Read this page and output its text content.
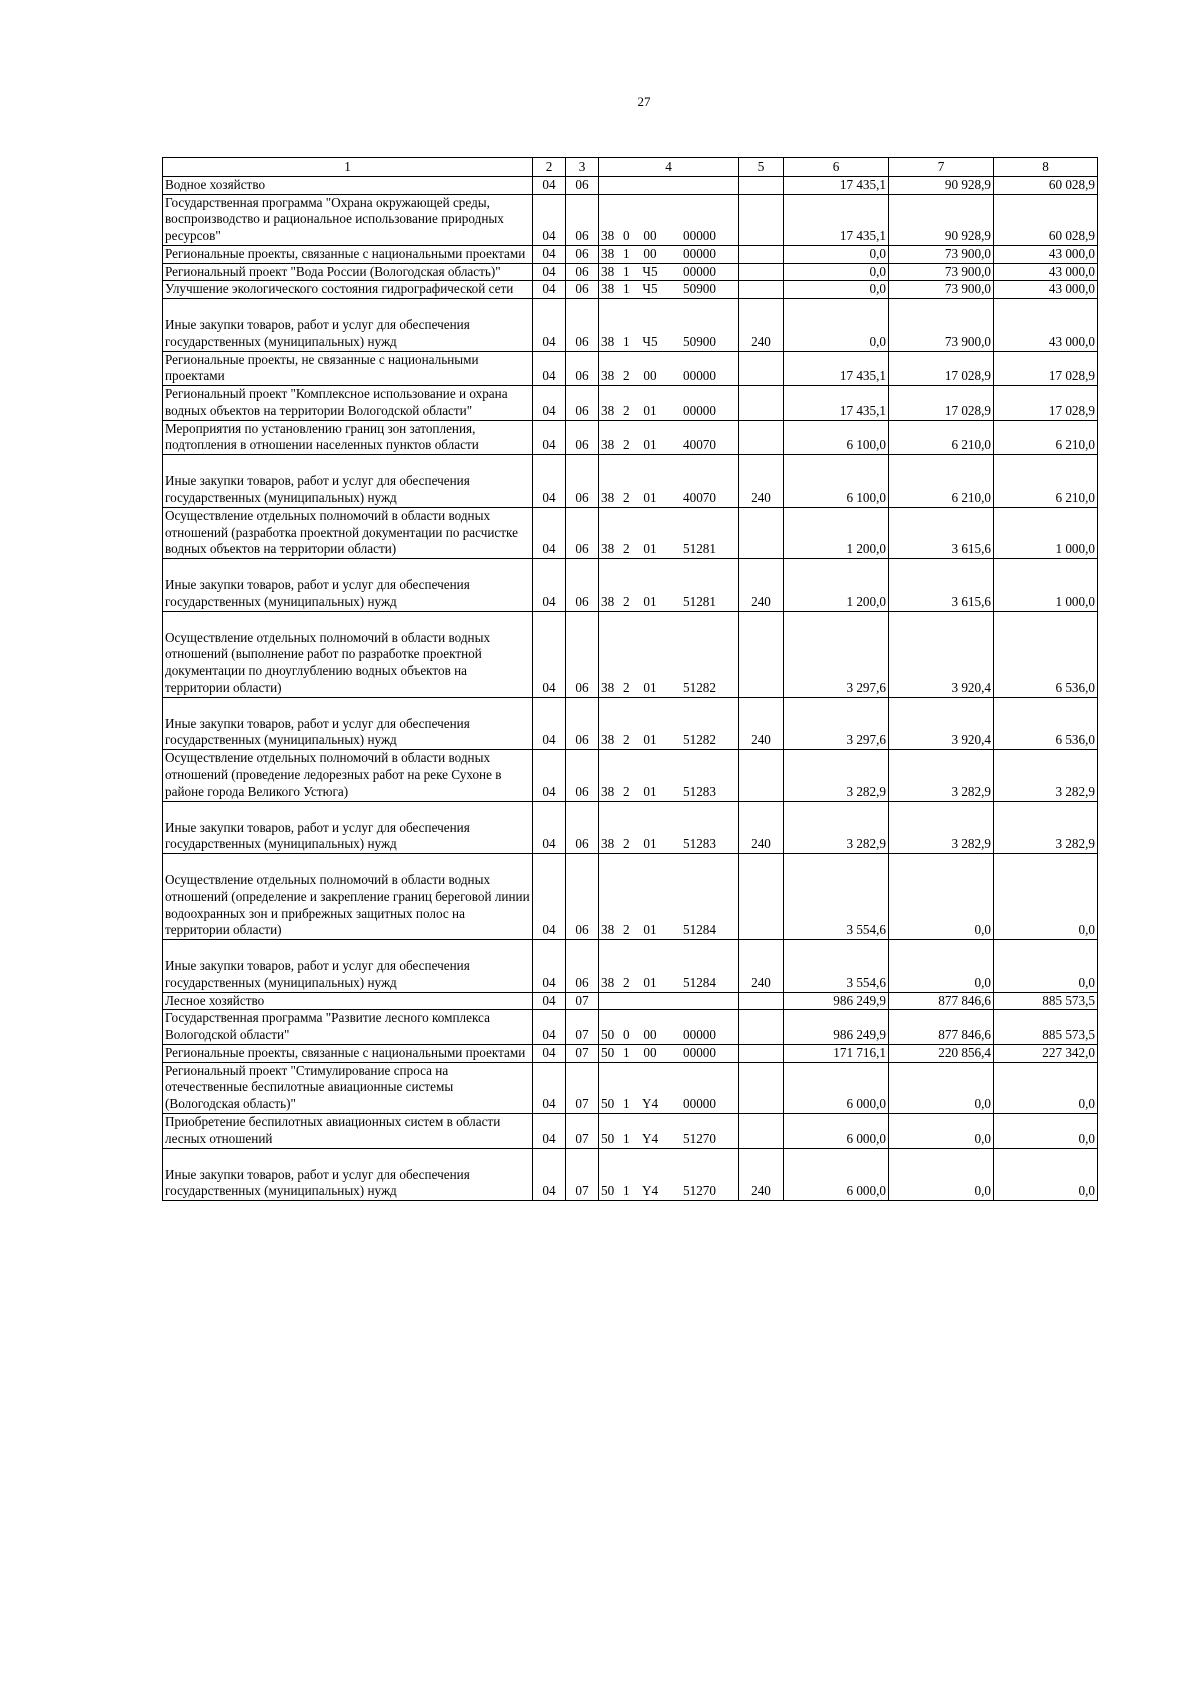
27
1	2	3	4	5	6	7	8
Водное хозяйство	04	06			17 435,1	90 928,9	60 028,9
Государственная программа "Охрана окружающей среды, воспроизводство и рациональное использование природных ресурсов"	04	06	38 0 00 00000		17 435,1	90 928,9	60 028,9
Региональные проекты, связанные с национальными проектами	04	06	38 1 00 00000		0,0	73 900,0	43 000,0
Региональный проект "Вода России (Вологодская область)"	04	06	38 1 Ч5 00000		0,0	73 900,0	43 000,0
Улучшение экологического состояния гидрографической сети	04	06	38 1 Ч5 50900		0,0	73 900,0	43 000,0
Иные закупки товаров, работ и услуг для обеспечения государственных (муниципальных) нужд	04	06	38 1 Ч5 50900	240	0,0	73 900,0	43 000,0
Региональные проекты, не связанные с национальными проектами	04	06	38 2 00 00000		17 435,1	17 028,9	17 028,9
Региональный проект "Комплексное использование и охрана водных объектов на территории Вологодской области"	04	06	38 2 01 00000		17 435,1	17 028,9	17 028,9
Мероприятия по установлению границ зон затопления, подтопления в отношении населенных пунктов области	04	06	38 2 01 40070		6 100,0	6 210,0	6 210,0
Иные закупки товаров, работ и услуг для обеспечения государственных (муниципальных) нужд	04	06	38 2 01 40070	240	6 100,0	6 210,0	6 210,0
Осуществление отдельных полномочий в области водных отношений (разработка проектной документации по расчистке водных объектов на территории области)	04	06	38 2 01 51281		1 200,0	3 615,6	1 000,0
Иные закупки товаров, работ и услуг для обеспечения государственных (муниципальных) нужд	04	06	38 2 01 51281	240	1 200,0	3 615,6	1 000,0
Осуществление отдельных полномочий в области водных отношений (выполнение работ по разработке проектной документации по дноуглублению водных объектов на территории области)	04	06	38 2 01 51282		3 297,6	3 920,4	6 536,0
Иные закупки товаров, работ и услуг для обеспечения государственных (муниципальных) нужд	04	06	38 2 01 51282	240	3 297,6	3 920,4	6 536,0
Осуществление отдельных полномочий в области водных отношений (проведение ледорезных работ на реке Сухоне в районе города Великого Устюга)	04	06	38 2 01 51283		3 282,9	3 282,9	3 282,9
Иные закупки товаров, работ и услуг для обеспечения государственных (муниципальных) нужд	04	06	38 2 01 51283	240	3 282,9	3 282,9	3 282,9
Осуществление отдельных полномочий в области водных отношений (определение и закрепление границ береговой линии водоохранных зон и прибрежных защитных полос на территории области)	04	06	38 2 01 51284		3 554,6	0,0	0,0
Иные закупки товаров, работ и услуг для обеспечения государственных (муниципальных) нужд	04	06	38 2 01 51284	240	3 554,6	0,0	0,0
Лесное хозяйство	04	07			986 249,9	877 846,6	885 573,5
Государственная программа "Развитие лесного комплекса Вологодской области"	04	07	50 0 00 00000		986 249,9	877 846,6	885 573,5
Региональные проекты, связанные с национальными проектами	04	07	50 1 00 00000		171 716,1	220 856,4	227 342,0
Региональный проект "Стимулирование спроса на отечественные беспилотные авиационные системы (Вологодская область)"	04	07	50 1 Y4 00000		6 000,0	0,0	0,0
Приобретение беспилотных авиационных систем в области лесных отношений	04	07	50 1 Y4 51270		6 000,0	0,0	0,0
Иные закупки товаров, работ и услуг для обеспечения государственных (муниципальных) нужд	04	07	50 1 Y4 51270	240	6 000,0	0,0	0,0
